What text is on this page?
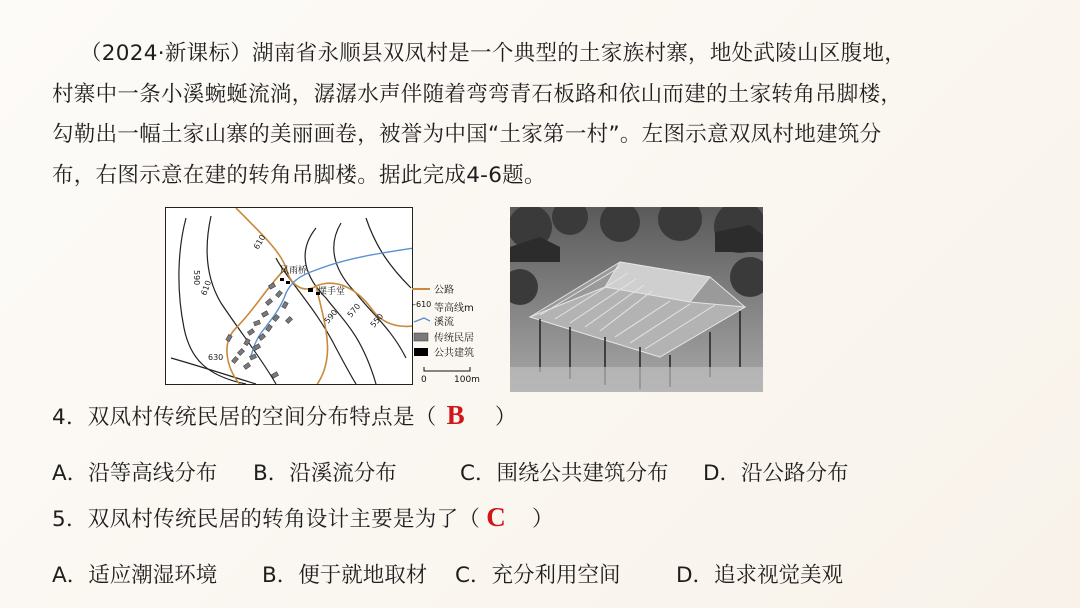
（2024·新课标）湖南省永顺县双凤村是一个典型的土家族村寨，地处武陵山区腹地，
村寨中一条小溪蜿蜒流淌，潺潺水声伴随着弯弯青石板路和依山而建的土家转角吊脚楼，
勾勒出一幅土家山寨的美丽画卷，被誉为中国“土家第一村”。左图示意双凤村地建筑分
布，右图示意在建的转角吊脚楼。据此完成4-6题。
610
590
610
630
590 570
550
风雨桥
摆手堂	公路
–610 等高线m
溪流
传统民居
公共建筑
0	100m
4．双凤村传统民居的空间分布特点是（ B ）
A．沿等高线分布 B．沿溪流分布	C．围绕公共建筑分布 D．沿公路分布
5．双凤村传统民居的转角设计主要是为了（ C ）
A．适应潮湿环境 B．便于就地取材 C．充分利用空间	D．追求视觉美观
